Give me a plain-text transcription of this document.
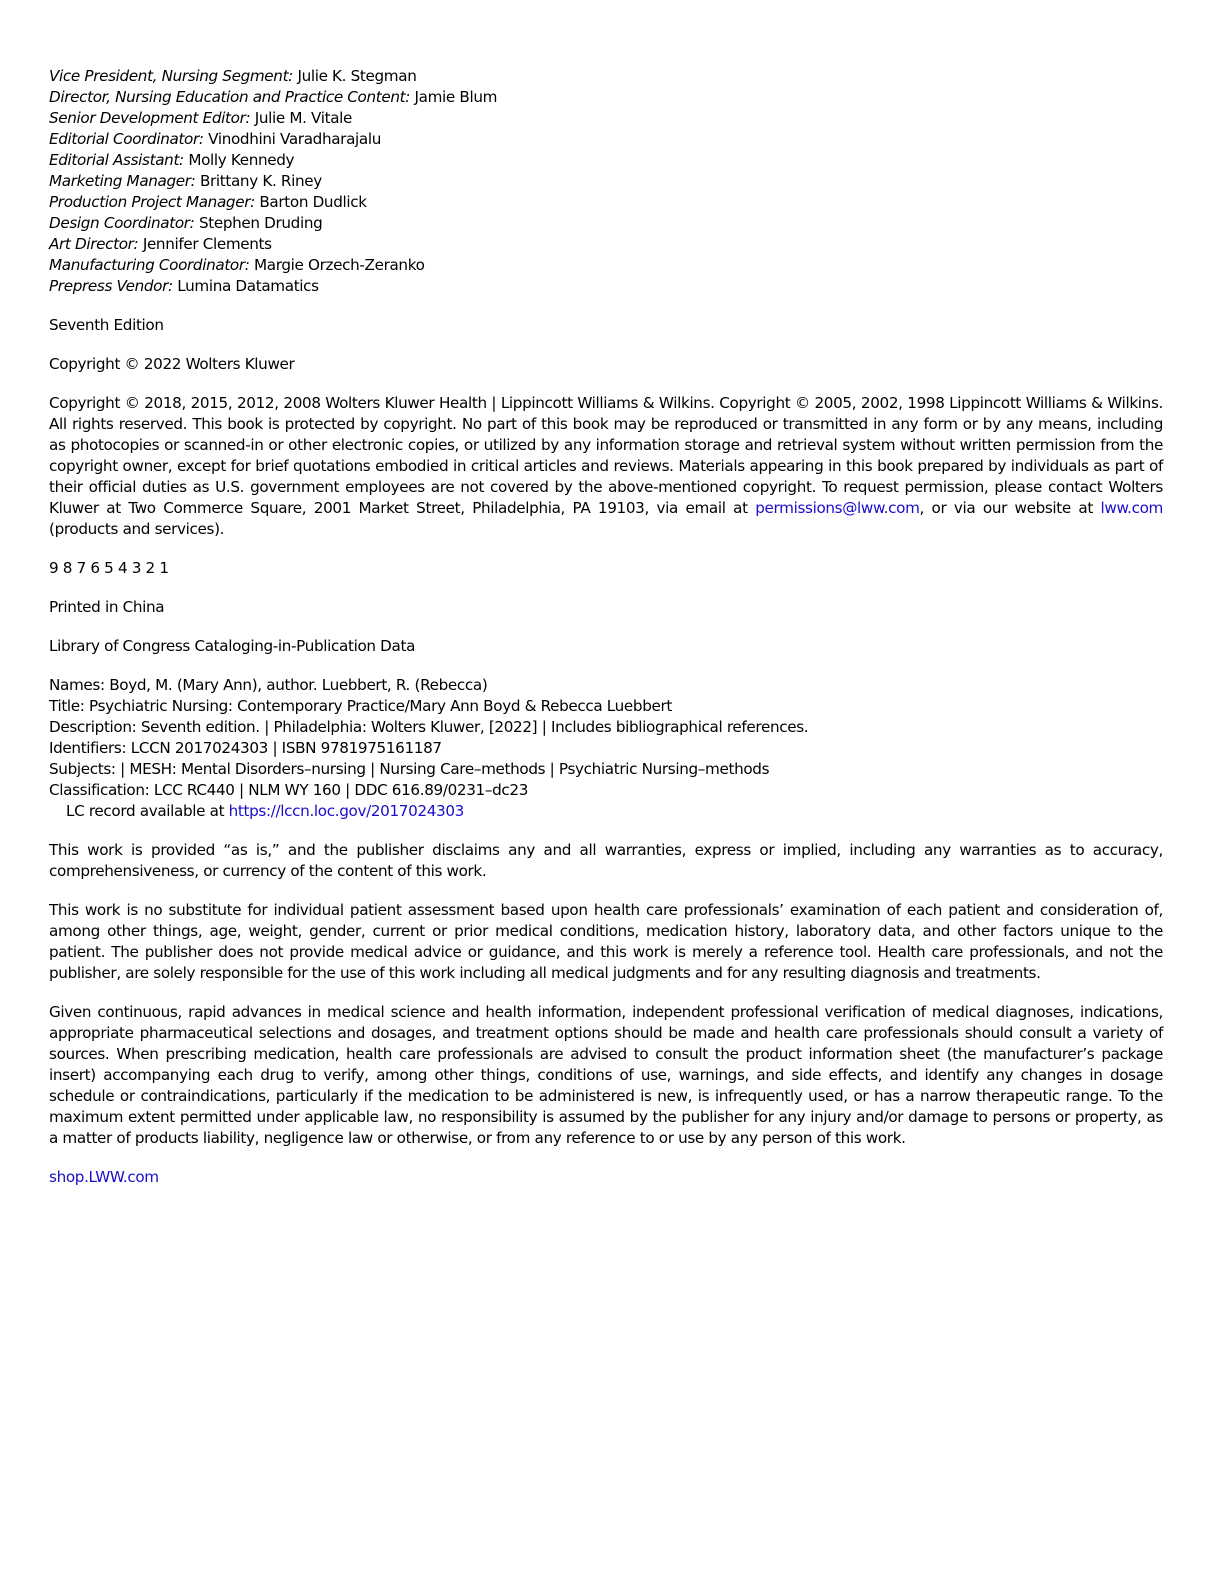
Vice President, Nursing Segment: Julie K. Stegman
Director, Nursing Education and Practice Content: Jamie Blum
Senior Development Editor: Julie M. Vitale
Editorial Coordinator: Vinodhini Varadharajalu
Editorial Assistant: Molly Kennedy
Marketing Manager: Brittany K. Riney
Production Project Manager: Barton Dudlick
Design Coordinator: Stephen Druding
Art Director: Jennifer Clements
Manufacturing Coordinator: Margie Orzech-Zeranko
Prepress Vendor: Lumina Datamatics

Seventh Edition

Copyright © 2022 Wolters Kluwer

Copyright © 2018, 2015, 2012, 2008 Wolters Kluwer Health | Lippincott Williams & Wilkins. Copyright © 2005, 2002, 1998 Lippincott Williams & Wilkins. All rights reserved. This book is protected by copyright. No part of this book may be reproduced or transmitted in any form or by any means, including as photocopies or scanned-in or other electronic copies, or utilized by any information storage and retrieval system without written permission from the copyright owner, except for brief quotations embodied in critical articles and reviews. Materials appearing in this book prepared by individuals as part of their official duties as U.S. government employees are not covered by the above-mentioned copyright. To request permission, please contact Wolters Kluwer at Two Commerce Square, 2001 Market Street, Philadelphia, PA 19103, via email at permissions@lww.com, or via our website at lww.com (products and services).

9 8 7 6 5 4 3 2 1

Printed in China

Library of Congress Cataloging-in-Publication Data

Names: Boyd, M. (Mary Ann), author. Luebbert, R. (Rebecca)
Title: Psychiatric Nursing: Contemporary Practice/Mary Ann Boyd & Rebecca Luebbert
Description: Seventh edition. | Philadelphia: Wolters Kluwer, [2022] | Includes bibliographical references.
Identifiers: LCCN 2017024303 | ISBN 9781975161187
Subjects: | MESH: Mental Disorders–nursing | Nursing Care–methods | Psychiatric Nursing–methods
Classification: LCC RC440 | NLM WY 160 | DDC 616.89/0231–dc23
LC record available at https://lccn.loc.gov/2017024303

This work is provided “as is,” and the publisher disclaims any and all warranties, express or implied, including any warranties as to accuracy, comprehensiveness, or currency of the content of this work.

This work is no substitute for individual patient assessment based upon health care professionals’ examination of each patient and consideration of, among other things, age, weight, gender, current or prior medical conditions, medication history, laboratory data, and other factors unique to the patient. The publisher does not provide medical advice or guidance, and this work is merely a reference tool. Health care professionals, and not the publisher, are solely responsible for the use of this work including all medical judgments and for any resulting diagnosis and treatments.

Given continuous, rapid advances in medical science and health information, independent professional verification of medical diagnoses, indications, appropriate pharmaceutical selections and dosages, and treatment options should be made and health care professionals should consult a variety of sources. When prescribing medication, health care professionals are advised to consult the product information sheet (the manufacturer’s package insert) accompanying each drug to verify, among other things, conditions of use, warnings, and side effects, and identify any changes in dosage schedule or contraindications, particularly if the medication to be administered is new, is infrequently used, or has a narrow therapeutic range. To the maximum extent permitted under applicable law, no responsibility is assumed by the publisher for any injury and/or damage to persons or property, as a matter of products liability, negligence law or otherwise, or from any reference to or use by any person of this work.

shop.LWW.com
